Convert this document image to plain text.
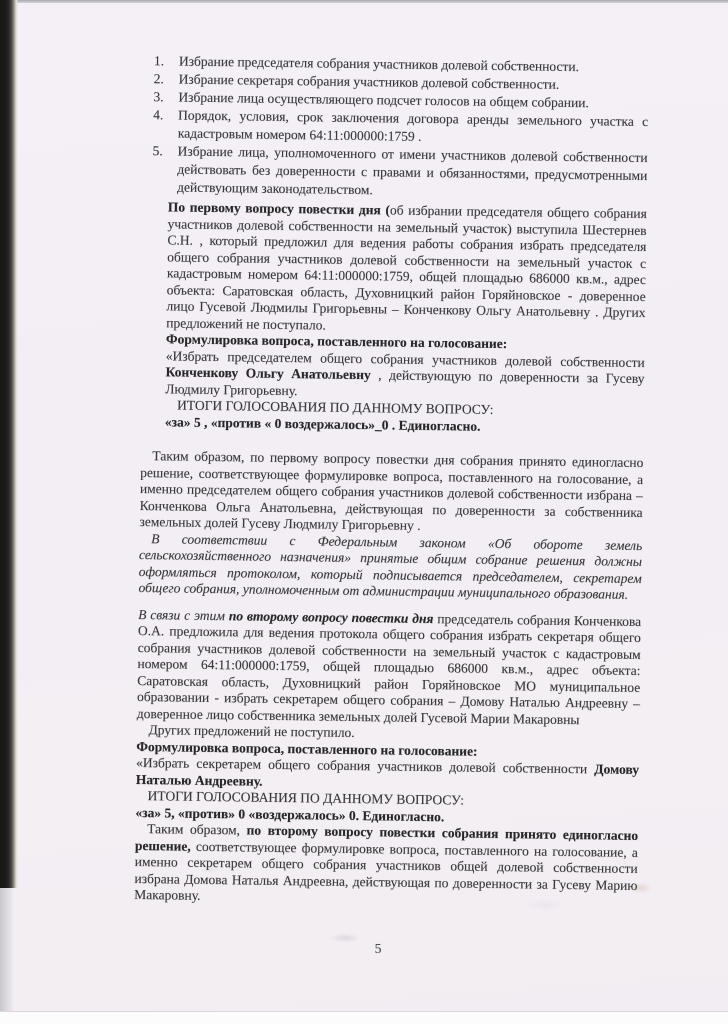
1.	Избрание председателя собрания участников долевой собственности.
2.	Избрание секретаря собрания участников долевой собственности.
3.	Избрание лица осуществляющего подсчет голосов на общем собрании.
4.	Порядок, условия, срок заключения договора аренды земельного участка с кадастровым номером 64:11:000000:1759 .
5.	Избрание лица, уполномоченного от имени участников долевой собственности действовать без доверенности с правами и обязанностями, предусмотренными действующим законодательством.

По первому вопросу повестки дня (об избрании председателя общего собрания участников долевой собственности на земельный участок) выступила Шестернев С.Н. , который предложил для ведения работы собрания избрать председателя общего собрания участников долевой собственности на земельный участок с кадастровым номером 64:11:000000:1759, общей площадью 686000 кв.м., адрес объекта: Саратовская область, Духовницкий район Горяйновское - доверенное лицо Гусевой Людмилы Григорьевны – Конченкову Ольгу Анатольевну . Других предложений не поступало.

Формулировка вопроса, поставленного на голосование:

«Избрать председателем общего собрания участников долевой собственности Конченкову Ольгу Анатольевну , действующую по доверенности за Гусеву Людмилу Григорьевну.

ИТОГИ ГОЛОСОВАНИЯ ПО ДАННОМУ ВОПРОСУ:

«за» 5 , «против « 0 воздержалось»_0 . Единогласно.

Таким образом, по первому вопросу повестки дня собрания принято единогласно решение, соответствующее формулировке вопроса, поставленного на голосование, а именно председателем общего собрания участников долевой собственности избрана – Конченкова Ольга Анатольевна, действующая по доверенности за собственника земельных долей Гусеву Людмилу Григорьевну .

В соответствии с Федеральным законом «Об обороте земель сельскохозяйственного назначения» принятые общим собрание решения должны оформляться протоколом, который подписывается председателем, секретарем общего собрания, уполномоченным от администрации муниципального образования.

В связи с этим по второму вопросу повестки дня председатель собрания Конченкова О.А. предложила для ведения протокола общего собрания избрать секретаря общего собрания участников долевой собственности на земельный участок с кадастровым номером 64:11:000000:1759, общей площадью 686000 кв.м., адрес объекта: Саратовская область, Духовницкий район Горяйновское МО муниципальное образовании - избрать секретарем общего собрания – Домову Наталью Андреевну – доверенное лицо собственника земельных долей Гусевой Марии Макаровны

Других предложений не поступило.

Формулировка вопроса, поставленного на голосование:

«Избрать секретарем общего собрания участников долевой собственности Домову Наталью Андреевну.

ИТОГИ ГОЛОСОВАНИЯ ПО ДАННОМУ ВОПРОСУ:

«за» 5, «против» 0 «воздержалось» 0. Единогласно.

Таким образом, по второму вопросу повестки собрания принято единогласно решение, соответствующее формулировке вопроса, поставленного на голосование, а именно секретарем общего собрания участников общей долевой собственности избрана Домова Наталья Андреевна, действующая по доверенности за Гусеву Марию Макаровну.

5
